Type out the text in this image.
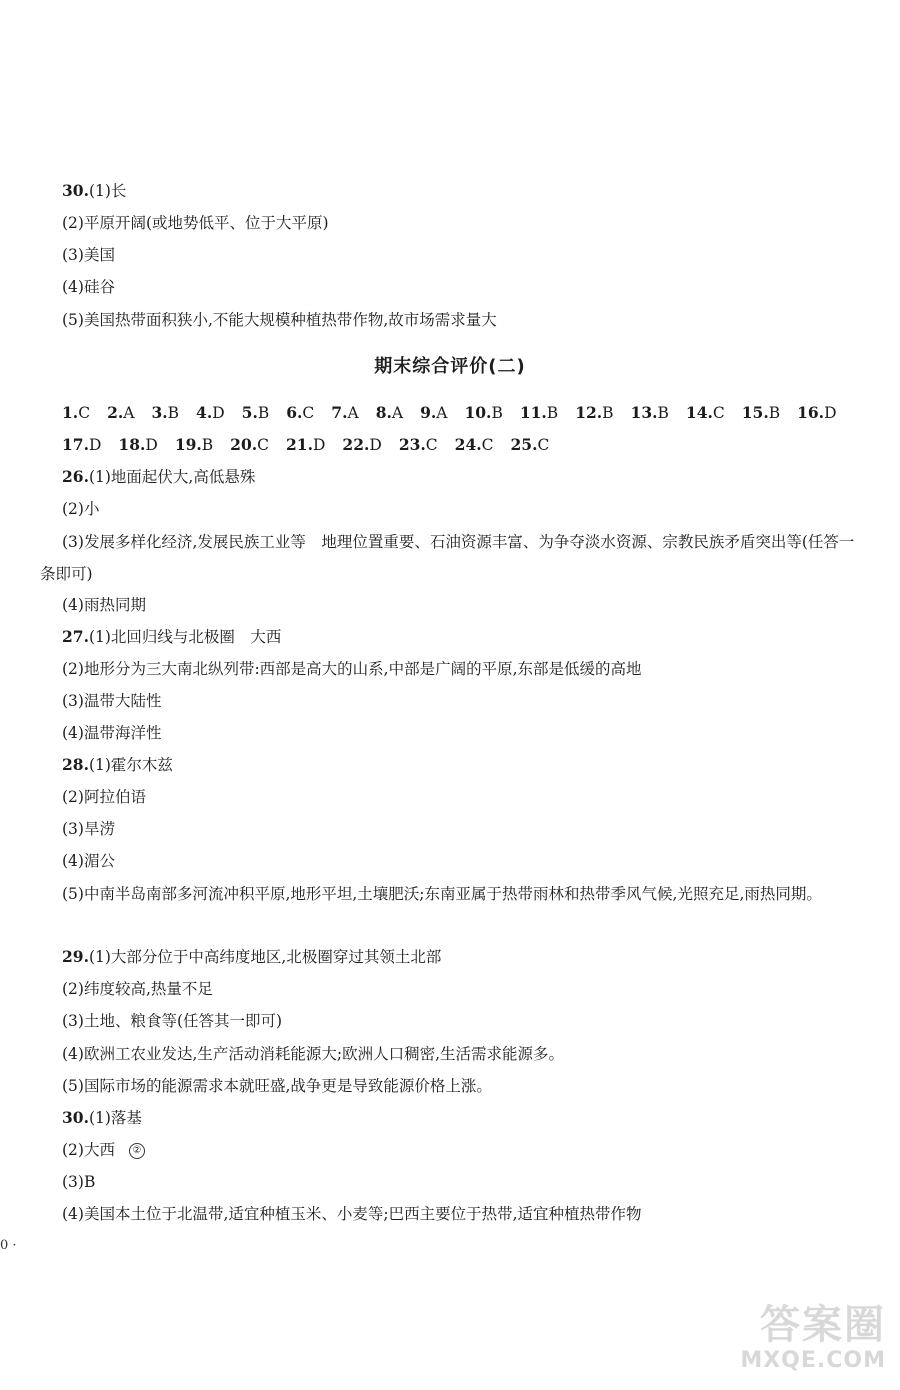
30.(1)长
(2)平原开阔(或地势低平、位于大平原)
(3)美国
(4)硅谷
(5)美国热带面积狭小,不能大规模种植热带作物,故市场需求量大
期末综合评价(二)
1.C 2.A 3.B 4.D 5.B 6.C 7.A 8.A 9.A 10.B 11.B 12.B 13.B 14.C 15.B 16.D
17.D 18.D 19.B 20.C 21.D 22.D 23.C 24.C 25.C
26.(1)地面起伏大,高低悬殊
(2)小
(3)发展多样化经济,发展民族工业等　地理位置重要、石油资源丰富、为争夺淡水资源、宗教民族矛盾突出等(任答一条即可)
(4)雨热同期
27.(1)北回归线与北极圈　大西
(2)地形分为三大南北纵列带:西部是高大的山系,中部是广阔的平原,东部是低缓的高地
(3)温带大陆性
(4)温带海洋性
28.(1)霍尔木兹
(2)阿拉伯语
(3)旱涝
(4)湄公
(5)中南半岛南部多河流冲积平原,地形平坦,土壤肥沃;东南亚属于热带雨林和热带季风气候,光照充足,雨热同期。
29.(1)大部分位于中高纬度地区,北极圈穿过其领土北部
(2)纬度较高,热量不足
(3)土地、粮食等(任答其一即可)
(4)欧洲工农业发达,生产活动消耗能源大;欧洲人口稠密,生活需求能源多。
(5)国际市场的能源需求本就旺盛,战争更是导致能源价格上涨。
30.(1)落基
(2)大西 ②
(3)B
(4)美国本土位于北温带,适宜种植玉米、小麦等;巴西主要位于热带,适宜种植热带作物
0 ·
答案圈
MXQE.COM
